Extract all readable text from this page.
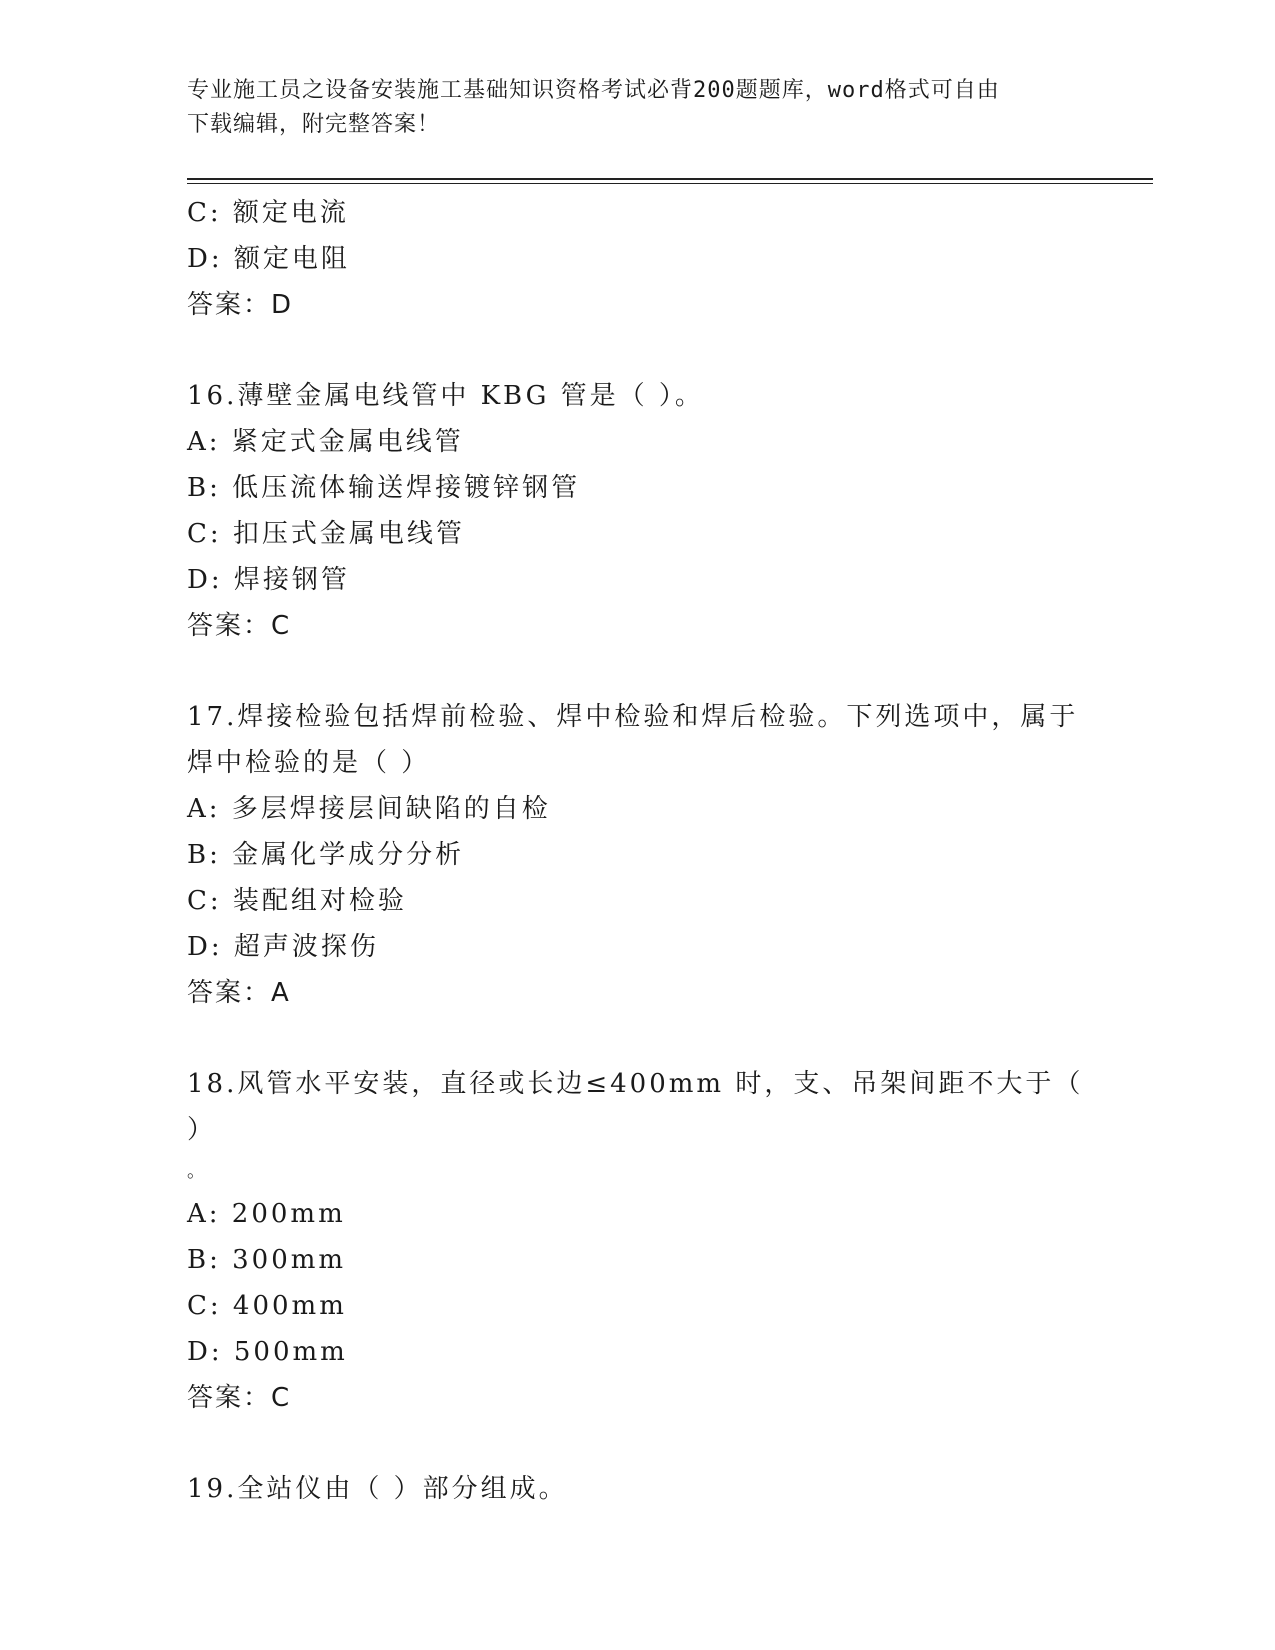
专业施工员之设备安装施工基础知识资格考试必背200题题库，word格式可自由
下载编辑，附完整答案！
C: 额定电流
D: 额定电阻
答案：D
16.薄壁金属电线管中 KBG 管是（ ）。
A: 紧定式金属电线管
B: 低压流体输送焊接镀锌钢管
C: 扣压式金属电线管
D: 焊接钢管
答案：C
17.焊接检验包括焊前检验、焊中检验和焊后检验。下列选项中，属于
焊中检验的是（ ）
A: 多层焊接层间缺陷的自检
B: 金属化学成分分析
C: 装配组对检验
D: 超声波探伤
答案：A
18.风管水平安装，直径或长边≤400mm 时，支、吊架间距不大于（ ）
。
A: 200mm
B: 300mm
C: 400mm
D: 500mm
答案：C
19.全站仪由（ ）部分组成。
